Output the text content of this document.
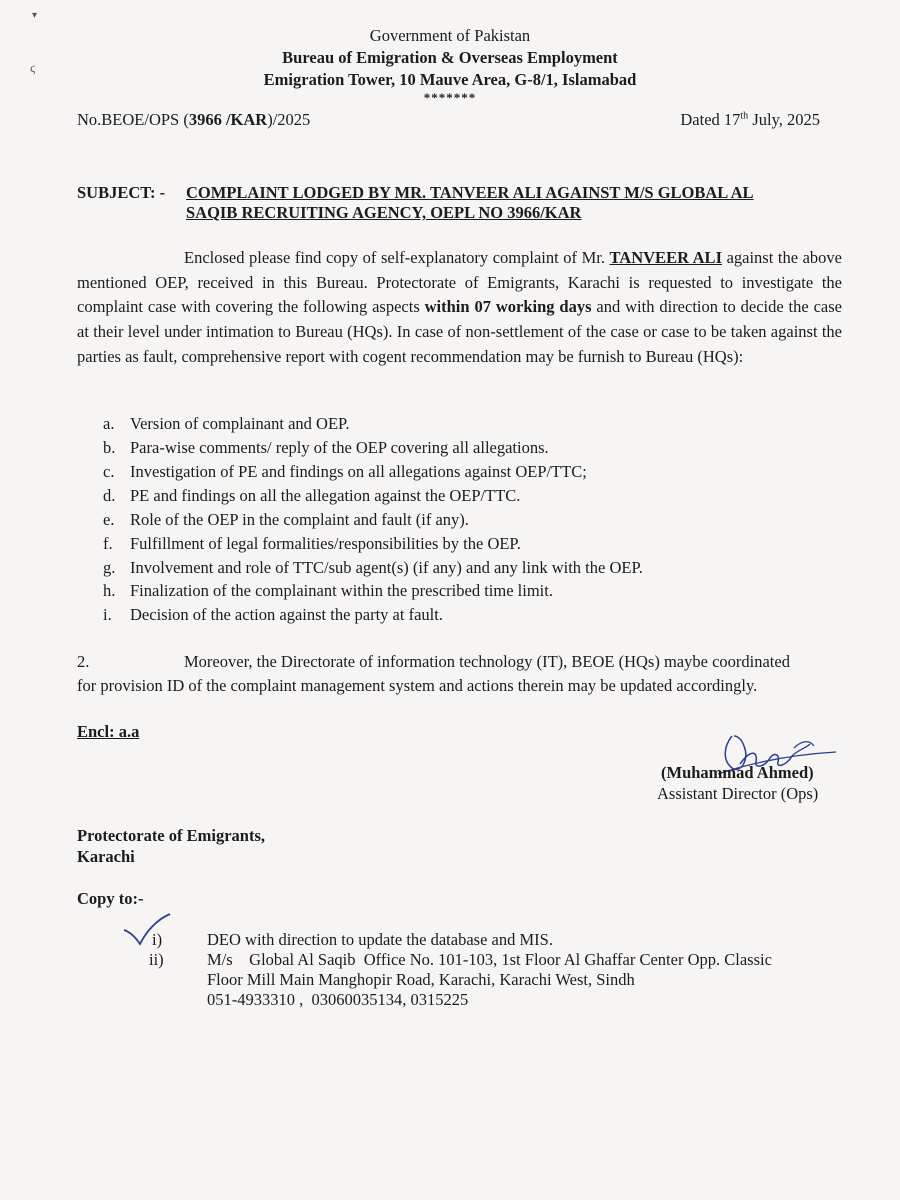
▾
ϛ
Government of Pakistan
Bureau of Emigration & Overseas Employment
Emigration Tower, 10 Mauve Area, G-8/1, Islamabad
*******
No.BEOE/OPS (3966 /KAR)/2025	Dated 17th July, 2025
SUBJECT: - COMPLAINT LODGED BY MR. TANVEER ALI AGAINST M/S GLOBAL AL
SAQIB RECRUITING AGENCY, OEPL NO 3966/KAR
Enclosed please find copy of self-explanatory complaint of Mr. TANVEER ALI against the above mentioned OEP, received in this Bureau. Protectorate of Emigrants, Karachi is requested to investigate the complaint case with covering the following aspects within 07 working days and with direction to decide the case at their level under intimation to Bureau (HQs). In case of non-settlement of the case or case to be taken against the parties as fault, comprehensive report with cogent recommendation may be furnish to Bureau (HQs):
a. Version of complainant and OEP.
b. Para-wise comments/ reply of the OEP covering all allegations.
c. Investigation of PE and findings on all allegations against OEP/TTC;
d. PE and findings on all the allegation against the OEP/TTC.
e. Role of the OEP in the complaint and fault (if any).
f. Fulfillment of legal formalities/responsibilities by the OEP.
g. Involvement and role of TTC/sub agent(s) (if any) and any link with the OEP.
h. Finalization of the complainant within the prescribed time limit.
i. Decision of the action against the party at fault.
2.	Moreover, the Directorate of information technology (IT), BEOE (HQs) maybe coordinated
for provision ID of the complaint management system and actions therein may be updated accordingly.
Encl: a.a
(Muhammad Ahmed)
Assistant Director (Ops)
Protectorate of Emigrants,
Karachi
Copy to:-
i)	DEO with direction to update the database and MIS.
ii)	M/s    Global Al Saqib  Office No. 101-103, 1st Floor Al Ghaffar Center Opp. Classic
Floor Mill Main Manghopir Road, Karachi, Karachi West, Sindh
051-4933310 ,  03060035134, 0315225
